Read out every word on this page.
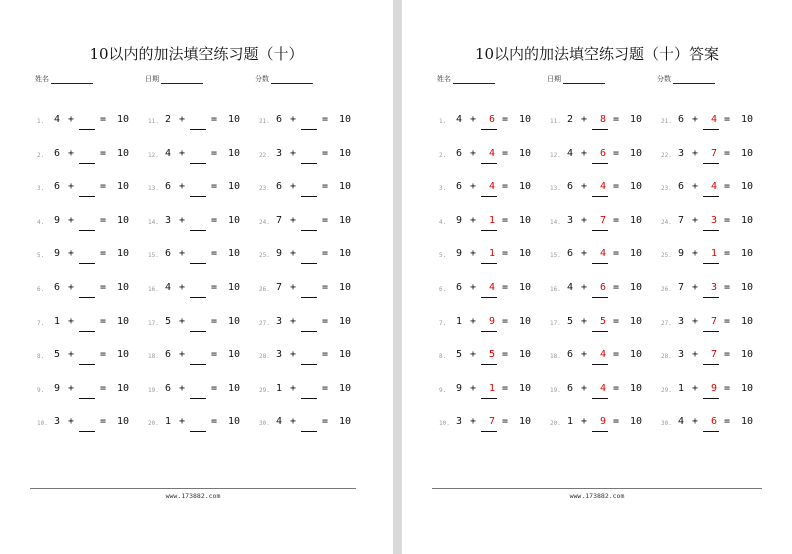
10以内的加法填空练习题（十）
姓名	日期	分数
1. 4 +	= 10
2. 6 +	= 10
3. 6 +	= 10
4. 9 +	= 10
5. 9 +	= 10
6. 6 +	= 10
7. 1 +	= 10
8. 5 +	= 10
9. 9 +	= 10
10. 3 +	= 10
11. 2 +	= 10
12. 4 +	= 10
13. 6 +	= 10
14. 3 +	= 10
15. 6 +	= 10
16. 4 +	= 10
17. 5 +	= 10
18. 6 +	= 10
19. 6 +	= 10
20. 1 +	= 10
21. 6 +	= 10
22. 3 +	= 10
23. 6 +	= 10
24. 7 +	= 10
25. 9 +	= 10
26. 7 +	= 10
27. 3 +	= 10
28. 3 +	= 10
29. 1 +	= 10
30. 4 +	= 10
www.173882.com
10以内的加法填空练习题（十）答案
姓名	日期	分数
1. 4 + 6 = 10
2. 6 + 4 = 10
3. 6 + 4 = 10
4. 9 + 1 = 10
5. 9 + 1 = 10
6. 6 + 4 = 10
7. 1 + 9 = 10
8. 5 + 5 = 10
9. 9 + 1 = 10
10. 3 + 7 = 10
11. 2 + 8 = 10
12. 4 + 6 = 10
13. 6 + 4 = 10
14. 3 + 7 = 10
15. 6 + 4 = 10
16. 4 + 6 = 10
17. 5 + 5 = 10
18. 6 + 4 = 10
19. 6 + 4 = 10
20. 1 + 9 = 10
21. 6 + 4 = 10
22. 3 + 7 = 10
23. 6 + 4 = 10
24. 7 + 3 = 10
25. 9 + 1 = 10
26. 7 + 3 = 10
27. 3 + 7 = 10
28. 3 + 7 = 10
29. 1 + 9 = 10
30. 4 + 6 = 10
www.173882.com
